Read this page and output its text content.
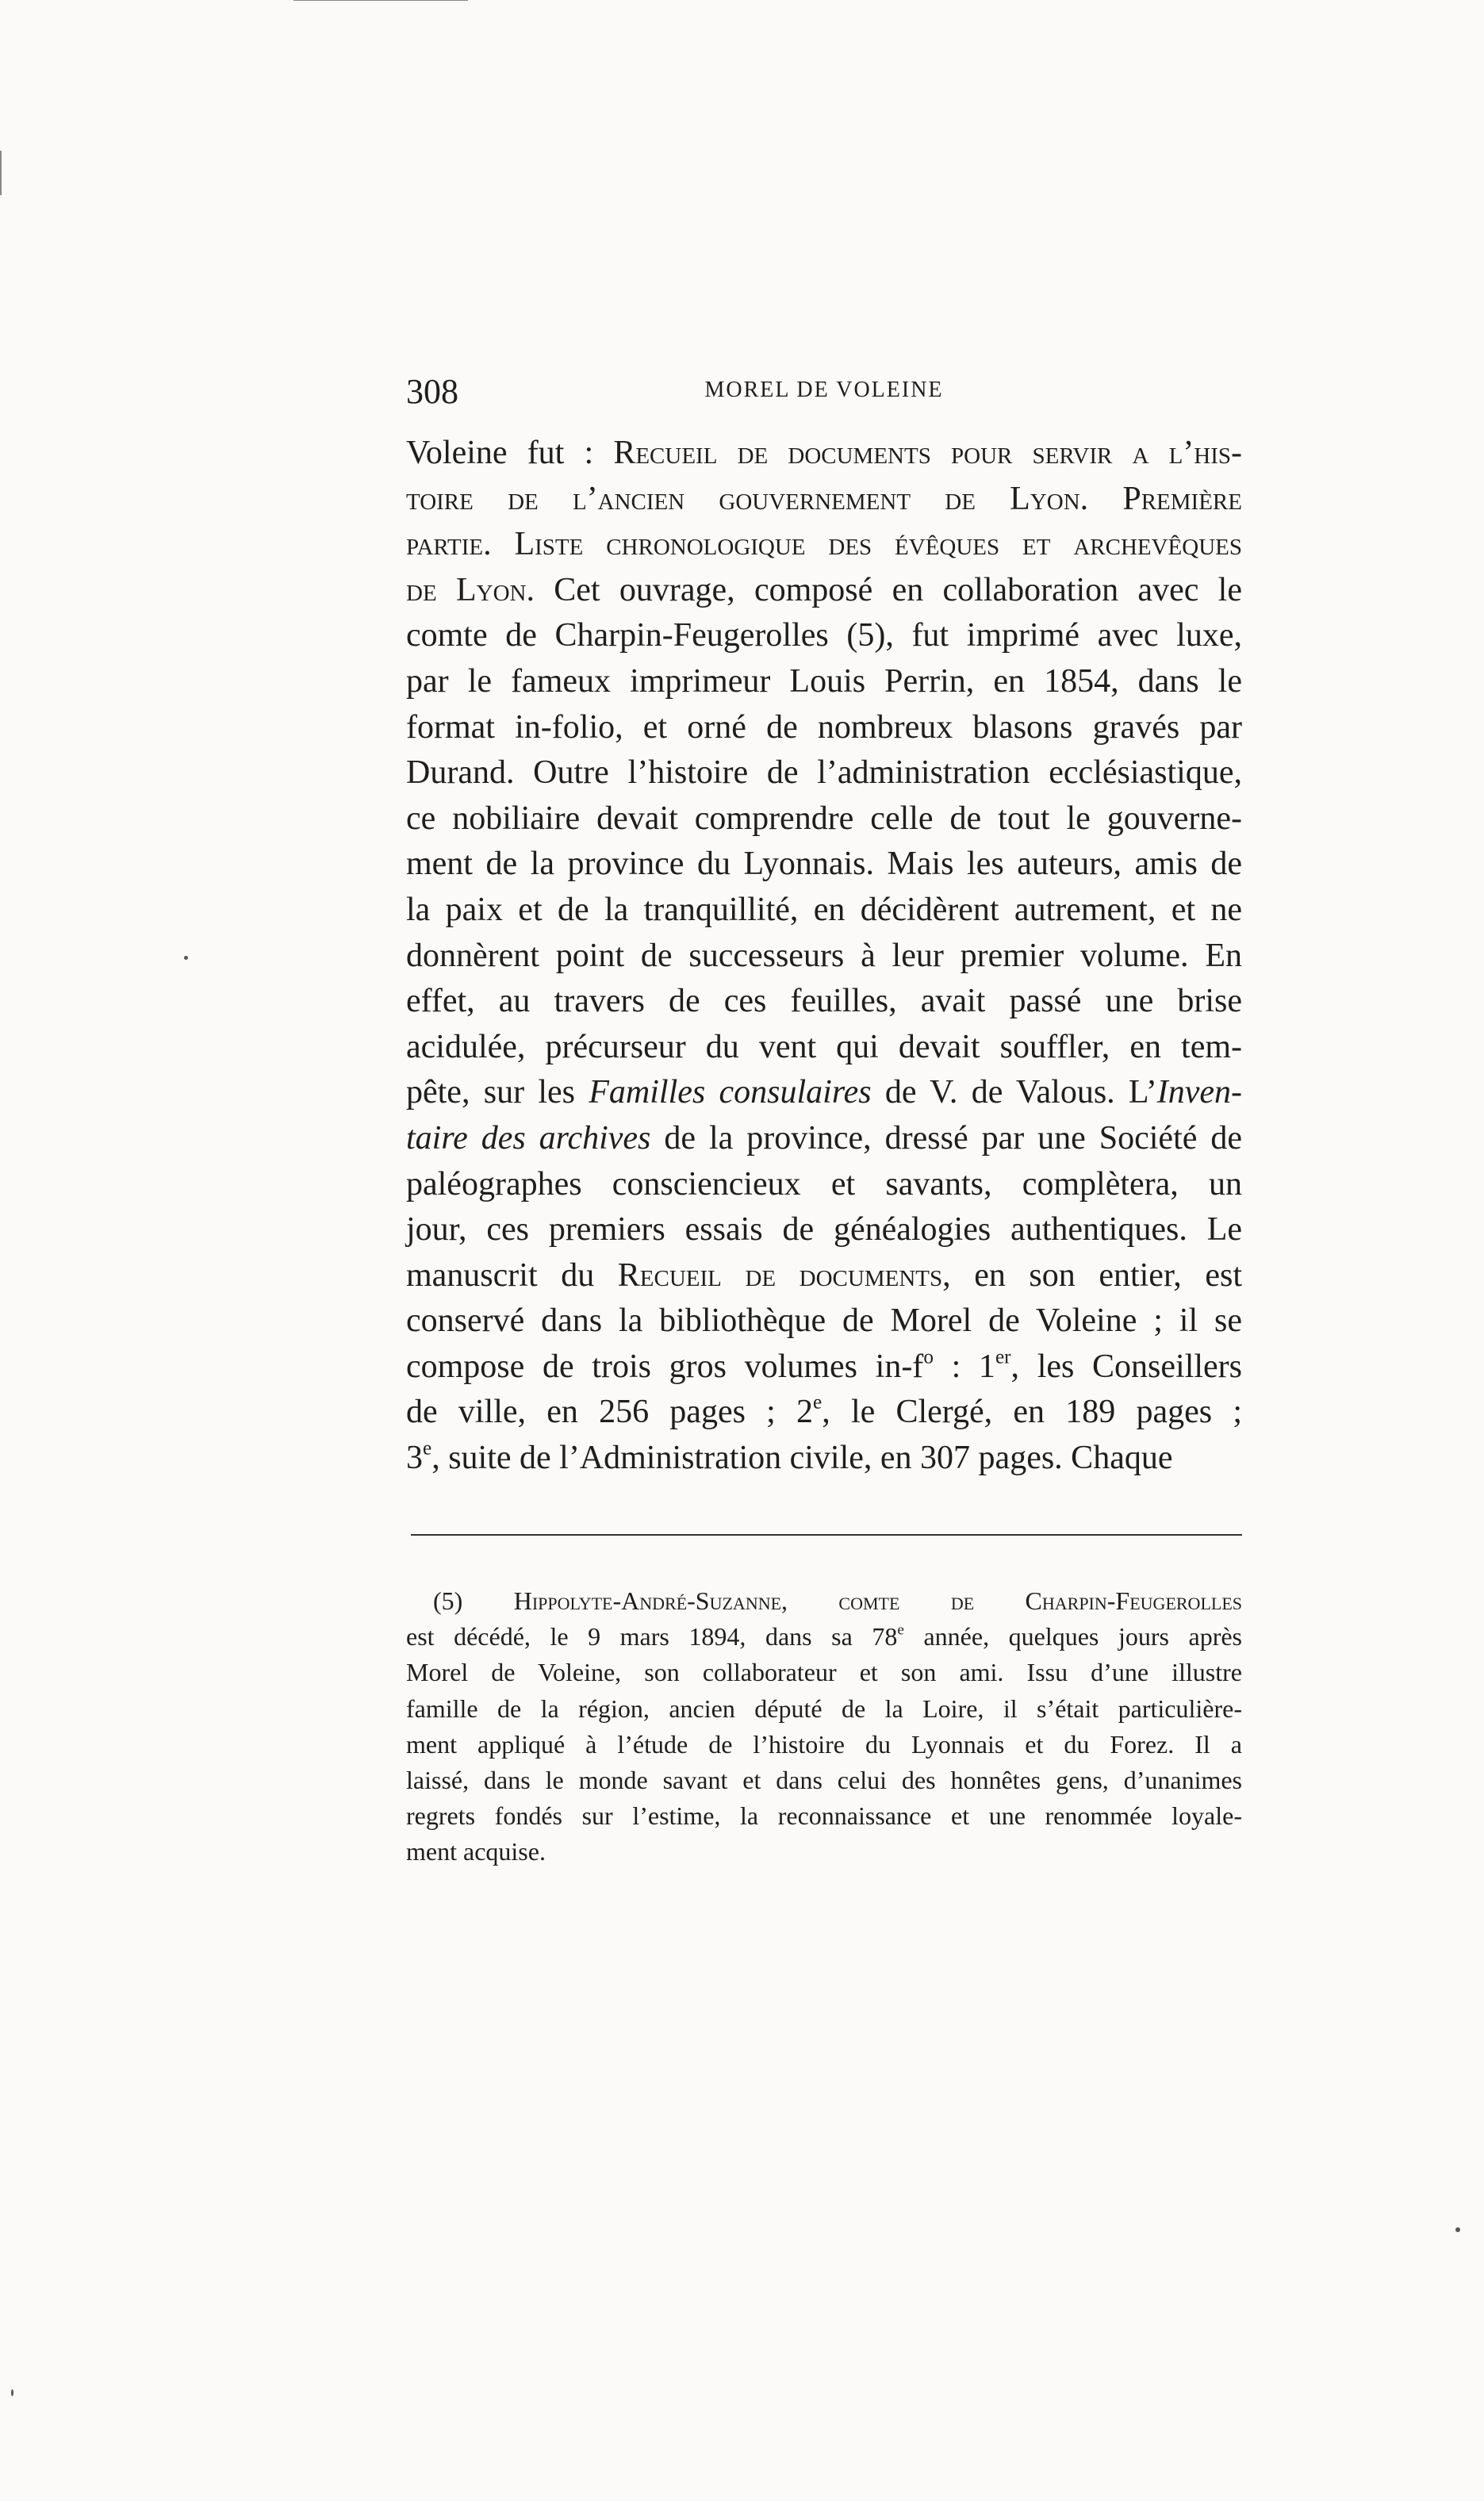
308	MOREL DE VOLEINE
Voleine fut : Recueil de documents pour servir a l’his-
toire de l’ancien gouvernement de Lyon. Première
partie. Liste chronologique des évêques et archevêques
de Lyon. Cet ouvrage, composé en collaboration avec le
comte de Charpin-Feugerolles (5), fut imprimé avec luxe,
par le fameux imprimeur Louis Perrin, en 1854, dans le
format in-folio, et orné de nombreux blasons gravés par
Durand. Outre l’histoire de l’administration ecclésiastique,
ce nobiliaire devait comprendre celle de tout le gouverne-
ment de la province du Lyonnais. Mais les auteurs, amis de
la paix et de la tranquillité, en décidèrent autrement, et ne
donnèrent point de successeurs à leur premier volume. En
effet, au travers de ces feuilles, avait passé une brise
acidulée, précurseur du vent qui devait souffler, en tem-
pête, sur les Familles consulaires de V. de Valous. L’Inven-
taire des archives de la province, dressé par une Société de
paléographes consciencieux et savants, complètera, un
jour, ces premiers essais de généalogies authentiques. Le
manuscrit du Recueil de documents, en son entier, est
conservé dans la bibliothèque de Morel de Voleine ; il se
compose de trois gros volumes $in-f^o$ : 1er, les Conseillers
de ville, en 256 pages ; 2e, le Clergé, en 189 pages ;
3e, suite de l’Administration civile, en 307 pages. Chaque
(5) Hippolyte-André-Suzanne, comte de Charpin-Feugerolles
est décédé, le 9 mars 1894, dans sa 78e année, quelques jours après
Morel de Voleine, son collaborateur et son ami. Issu d’une illustre
famille de la région, ancien député de la Loire, il s’était particulière-
ment appliqué à l’étude de l’histoire du Lyonnais et du Forez. Il a
laissé, dans le monde savant et dans celui des honnêtes gens, d’unanimes
regrets fondés sur l’estime, la reconnaissance et une renommée loyale-
ment acquise.
